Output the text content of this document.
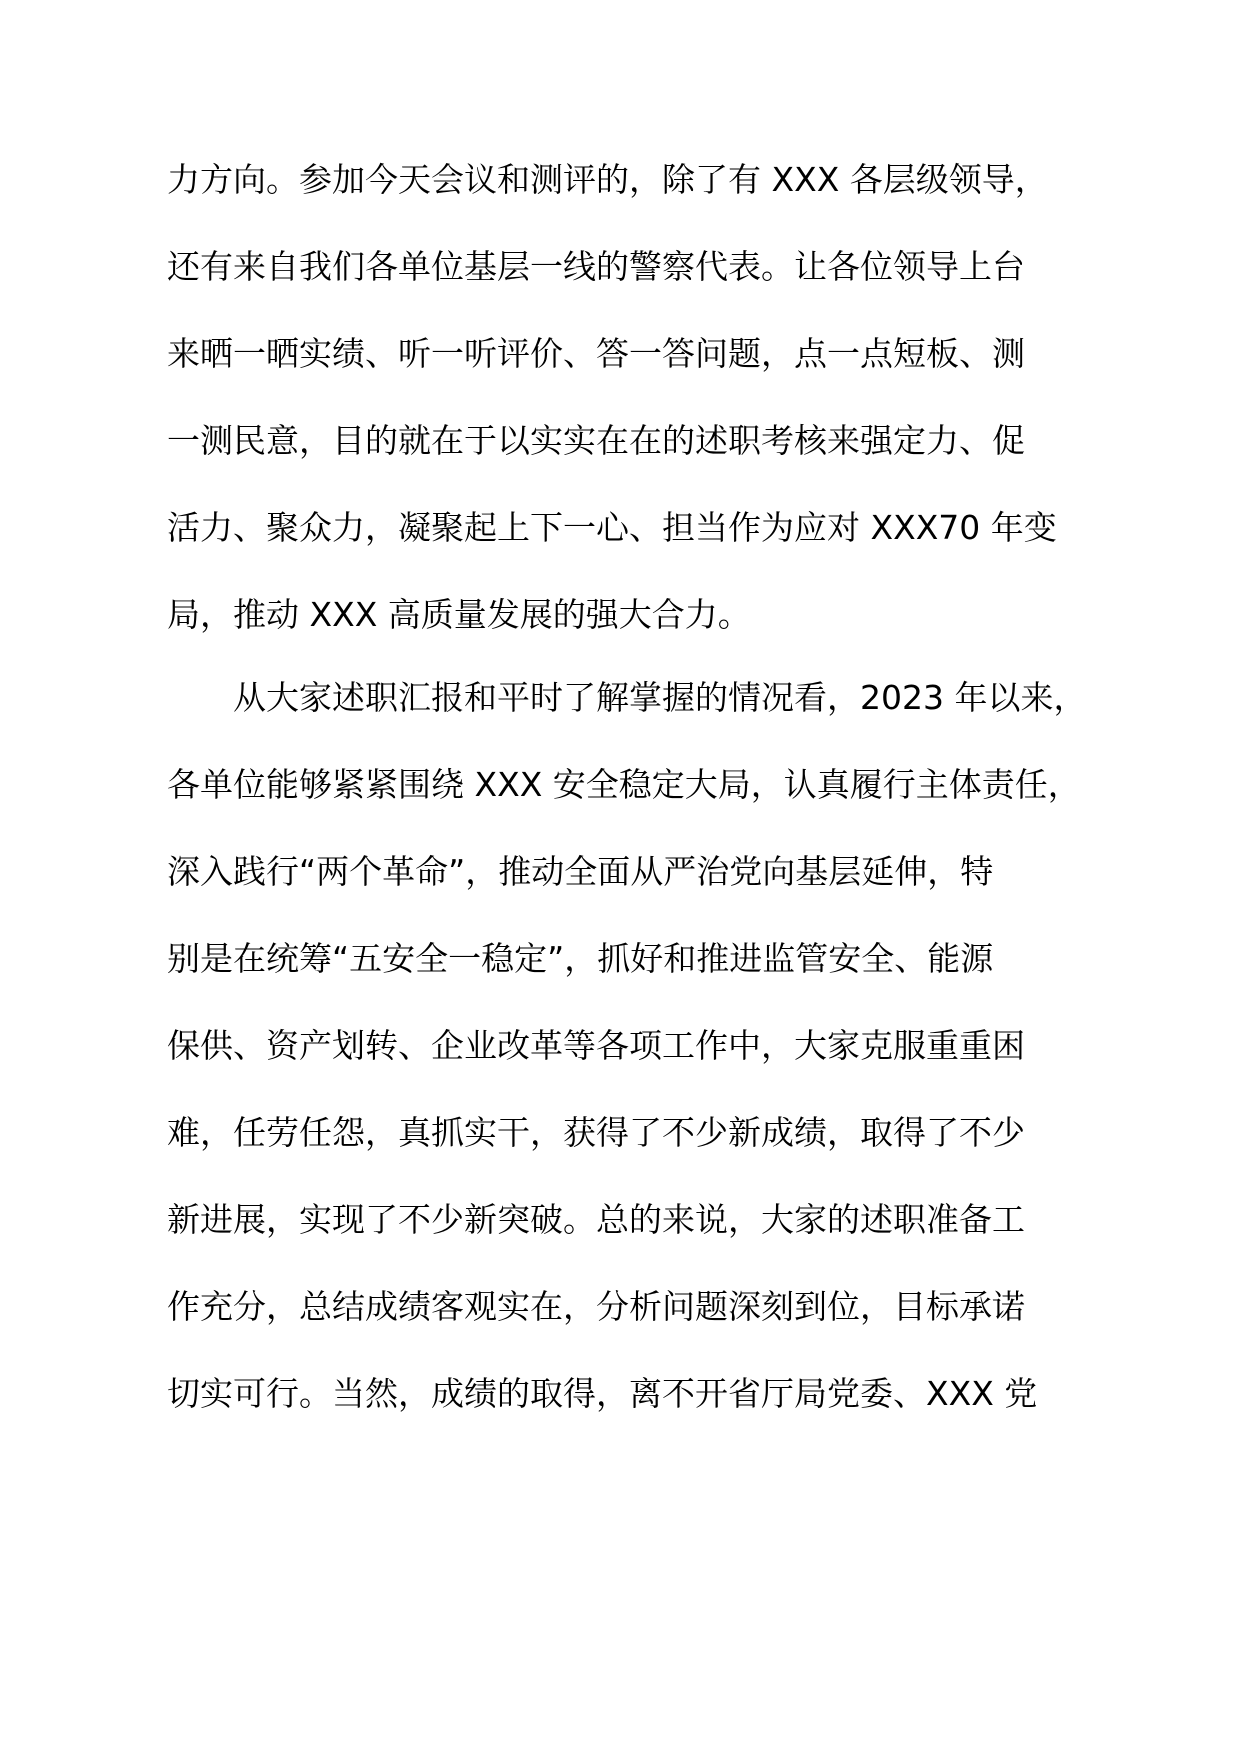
力方向。参加今天会议和测评的，除了有 XXX 各层级领导，
还有来自我们各单位基层一线的警察代表。让各位领导上台
来晒一晒实绩、听一听评价、答一答问题，点一点短板、测
一测民意，目的就在于以实实在在的述职考核来强定力、促
活力、聚众力，凝聚起上下一心、担当作为应对 XXX70 年变
局，推动 XXX 高质量发展的强大合力。
从大家述职汇报和平时了解掌握的情况看，2023 年以来，
各单位能够紧紧围绕 XXX 安全稳定大局，认真履行主体责任，
深入践行“两个革命”，推动全面从严治党向基层延伸，特
别是在统筹“五安全一稳定”，抓好和推进监管安全、能源
保供、资产划转、企业改革等各项工作中，大家克服重重困
难，任劳任怨，真抓实干，获得了不少新成绩，取得了不少
新进展，实现了不少新突破。总的来说，大家的述职准备工
作充分，总结成绩客观实在，分析问题深刻到位，目标承诺
切实可行。当然，成绩的取得，离不开省厅局党委、XXX 党
